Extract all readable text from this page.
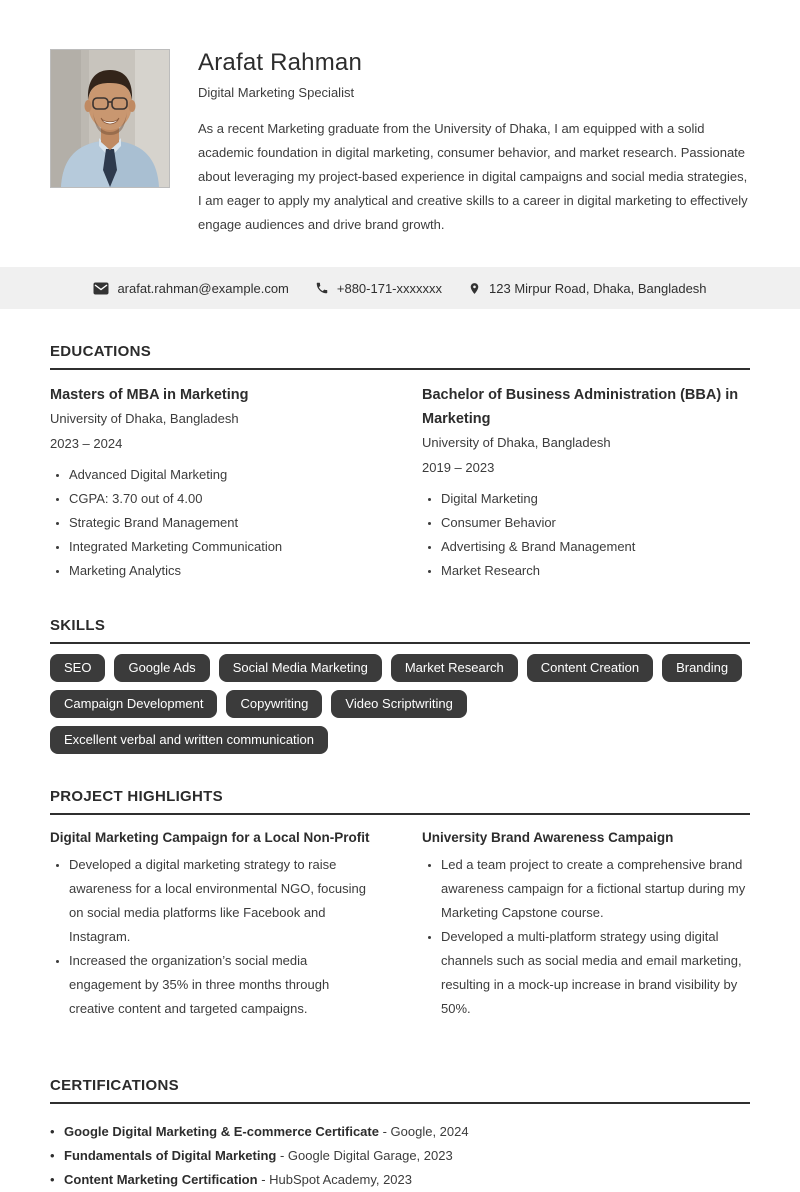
Arafat Rahman
Digital Marketing Specialist
As a recent Marketing graduate from the University of Dhaka, I am equipped with a solid academic foundation in digital marketing, consumer behavior, and market research. Passionate about leveraging my project-based experience in digital campaigns and social media strategies, I am eager to apply my analytical and creative skills to a career in digital marketing to effectively engage audiences and drive brand growth.
arafat.rahman@example.com	+880-171-xxxxxxx	123 Mirpur Road, Dhaka, Bangladesh
EDUCATIONS
Masters of MBA in Marketing
University of Dhaka, Bangladesh
2023 – 2024
• Advanced Digital Marketing
• CGPA: 3.70 out of 4.00
• Strategic Brand Management
• Integrated Marketing Communication
• Marketing Analytics
Bachelor of Business Administration (BBA) in Marketing
University of Dhaka, Bangladesh
2019 – 2023
• Digital Marketing
• Consumer Behavior
• Advertising & Brand Management
• Market Research
SKILLS
SEO	Google Ads	Social Media Marketing	Market Research	Content Creation	Branding
Campaign Development	Copywriting	Video Scriptwriting
Excellent verbal and written communication
PROJECT HIGHLIGHTS
Digital Marketing Campaign for a Local Non-Profit
• Developed a digital marketing strategy to raise awareness for a local environmental NGO, focusing on social media platforms like Facebook and Instagram.
• Increased the organization’s social media engagement by 35% in three months through creative content and targeted campaigns.
University Brand Awareness Campaign
• Led a team project to create a comprehensive brand awareness campaign for a fictional startup during my Marketing Capstone course.
• Developed a multi-platform strategy using digital channels such as social media and email marketing, resulting in a mock-up increase in brand visibility by 50%.
CERTIFICATIONS
• Google Digital Marketing & E-commerce Certificate - Google, 2024
• Fundamentals of Digital Marketing - Google Digital Garage, 2023
• Content Marketing Certification - HubSpot Academy, 2023
